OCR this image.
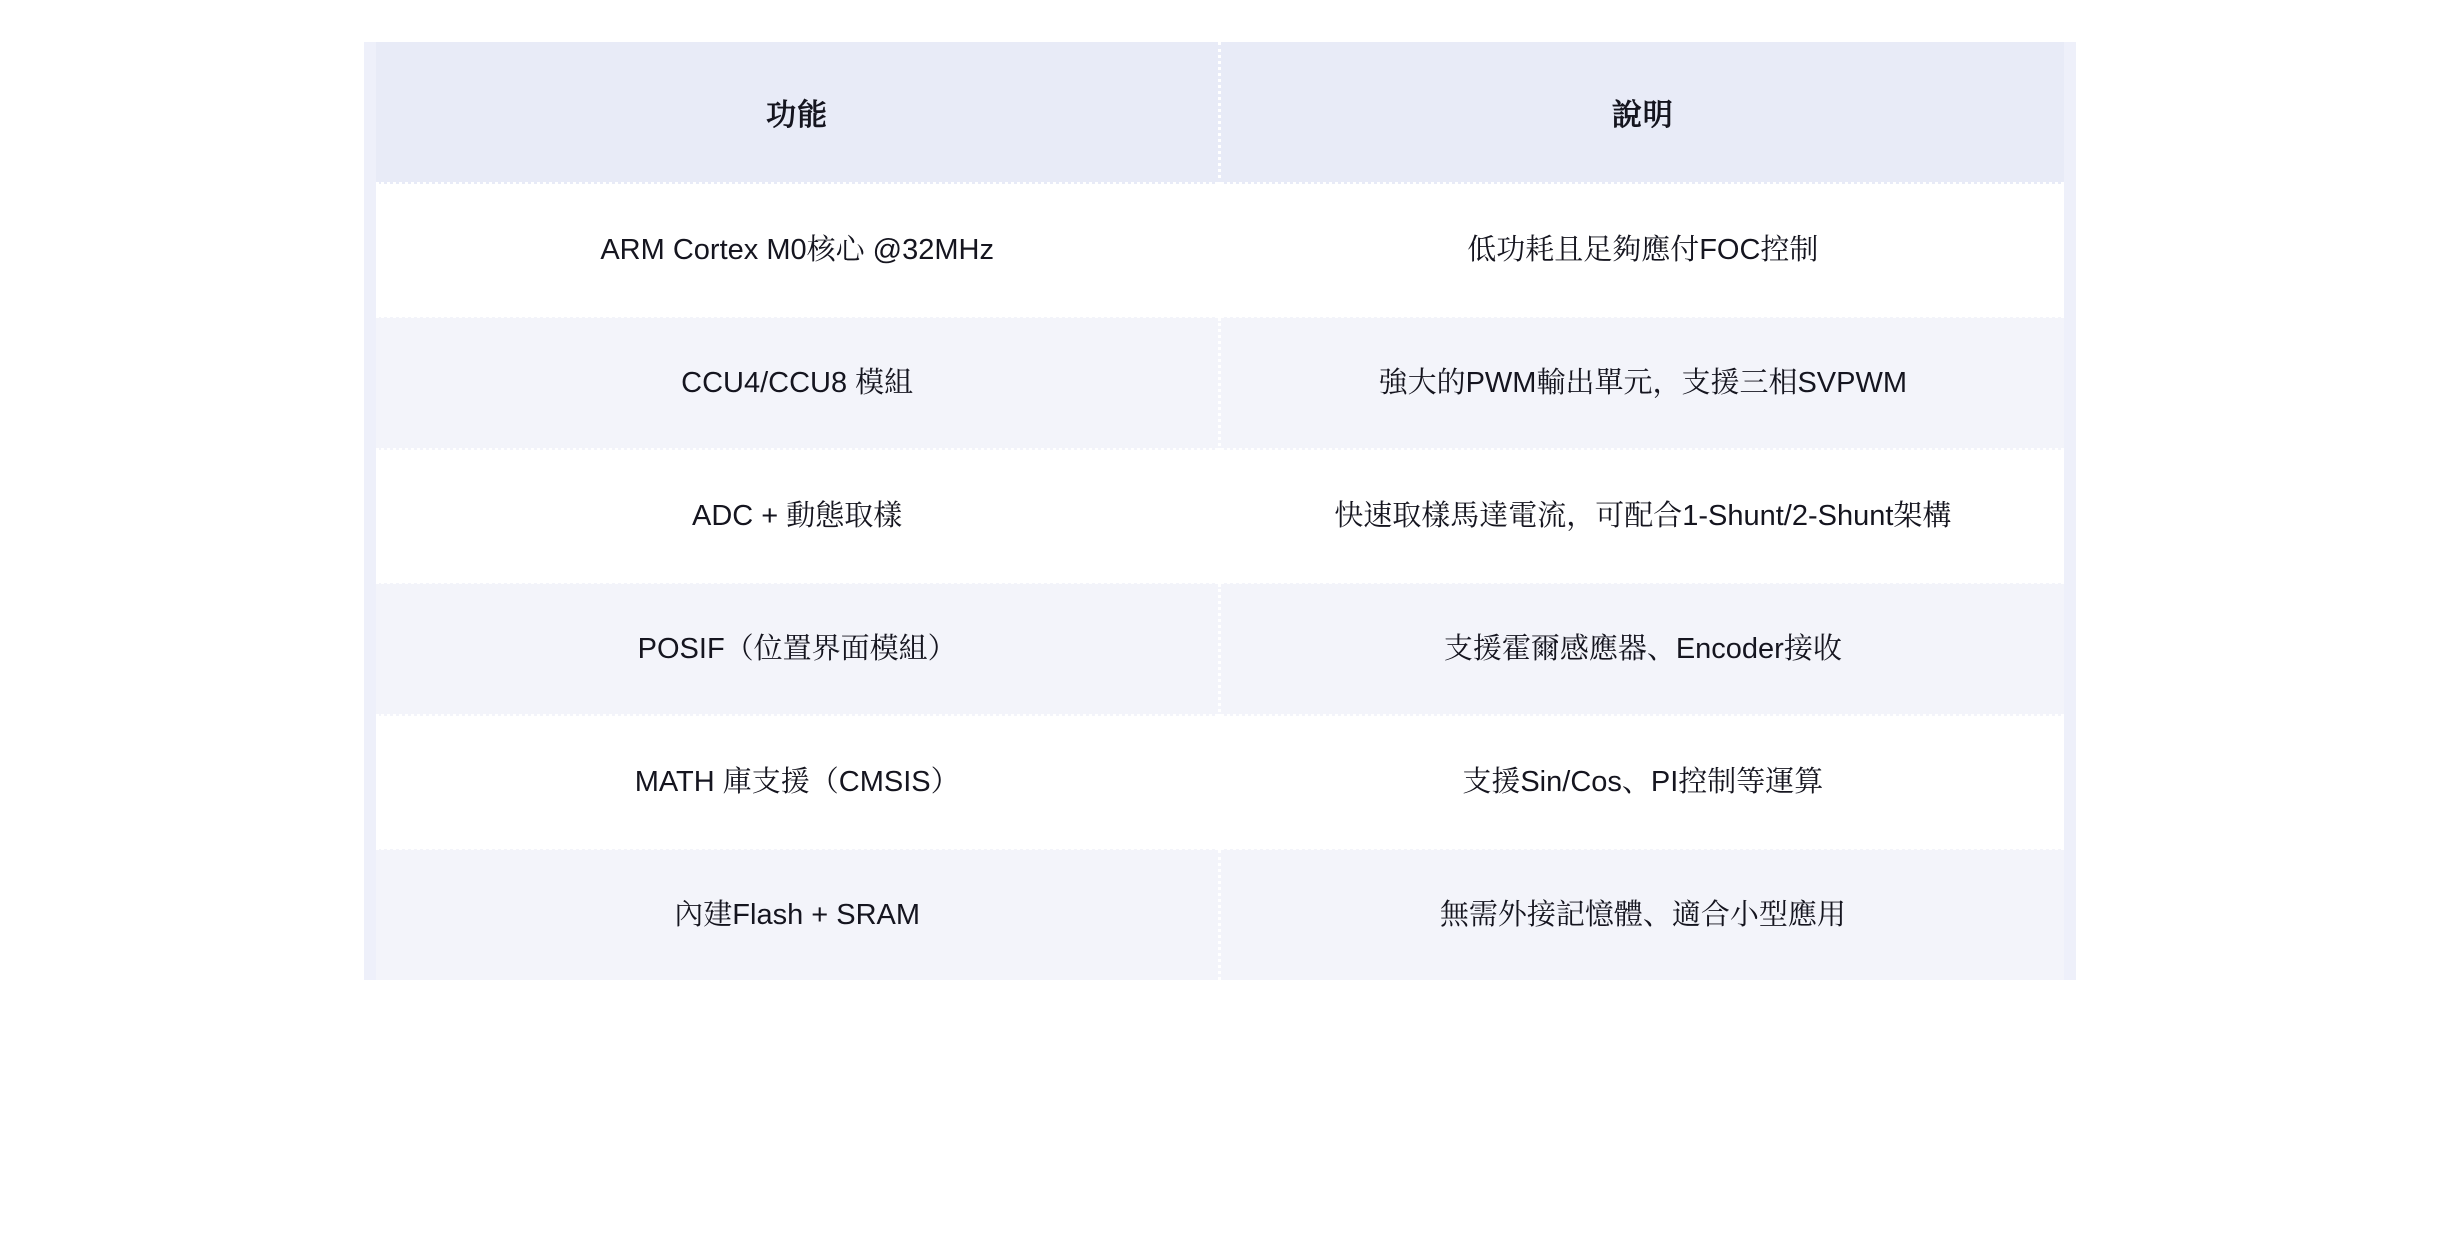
功能	說明
ARM Cortex M0核心 @32MHz	低功耗且足夠應付FOC控制
CCU4/CCU8 模組	強大的PWM輸出單元，支援三相SVPWM
ADC + 動態取樣	快速取樣馬達電流，可配合1-Shunt/2-Shunt架構
POSIF（位置界面模組）	支援霍爾感應器、Encoder接收
MATH 庫支援（CMSIS）	支援Sin/Cos、PI控制等運算
內建Flash + SRAM	無需外接記憶體、適合小型應用
